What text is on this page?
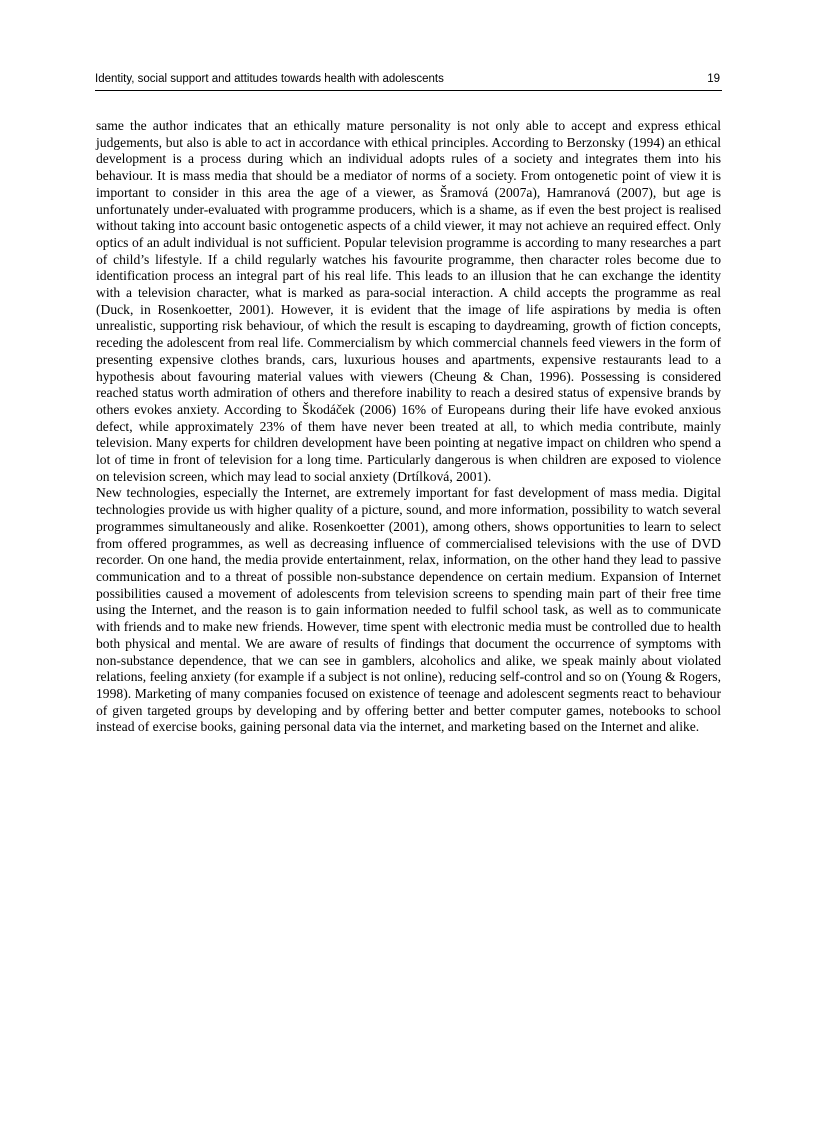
Identity, social support and attitudes towards health with adolescents	19

same the author indicates that an ethically mature personality is not only able to accept and express ethical judgements, but also is able to act in accordance with ethical principles. According to Berzonsky (1994) an ethical development is a process during which an individual adopts rules of a society and integrates them into his behaviour. It is mass media that should be a mediator of norms of a society. From ontogenetic point of view it is important to consider in this area the age of a viewer, as Šramová (2007a), Hamranová (2007), but age is unfortunately under-evaluated with programme producers, which is a shame, as if even the best project is realised without taking into account basic ontogenetic aspects of a child viewer, it may not achieve an required effect. Only optics of an adult individual is not sufficient. Popular television programme is according to many researches a part of child’s lifestyle. If a child regularly watches his favourite programme, then character roles become due to identification process an integral part of his real life. This leads to an illusion that he can exchange the identity with a television character, what is marked as para-social interaction. A child accepts the programme as real (Duck, in Rosenkoetter, 2001). However, it is evident that the image of life aspirations by media is often unrealistic, supporting risk behaviour, of which the result is escaping to daydreaming, growth of fiction concepts, receding the adolescent from real life. Commercialism by which commercial channels feed viewers in the form of presenting expensive clothes brands, cars, luxurious houses and apartments, expensive restaurants lead to a hypothesis about favouring material values with viewers (Cheung & Chan, 1996). Possessing is considered reached status worth admiration of others and therefore inability to reach a desired status of expensive brands by others evokes anxiety. According to Škodáček (2006) 16% of Europeans during their life have evoked anxious defect, while approximately 23% of them have never been treated at all, to which media contribute, mainly television. Many experts for children development have been pointing at negative impact on children who spend a lot of time in front of television for a long time. Particularly dangerous is when children are exposed to violence on television screen, which may lead to social anxiety (Drtílková, 2001).

New technologies, especially the Internet, are extremely important for fast development of mass media. Digital technologies provide us with higher quality of a picture, sound, and more information, possibility to watch several programmes simultaneously and alike. Rosenkoetter (2001), among others, shows opportunities to learn to select from offered programmes, as well as decreasing influence of commercialised televisions with the use of DVD recorder. On one hand, the media provide entertainment, relax, information, on the other hand they lead to passive communication and to a threat of possible non-substance dependence on certain medium. Expansion of Internet possibilities caused a movement of adolescents from television screens to spending main part of their free time using the Internet, and the reason is to gain information needed to fulfil school task, as well as to communicate with friends and to make new friends. However, time spent with electronic media must be controlled due to health both physical and mental. We are aware of results of findings that document the occurrence of symptoms with non-substance dependence, that we can see in gamblers, alcoholics and alike, we speak mainly about violated relations, feeling anxiety (for example if a subject is not online), reducing self-control and so on (Young & Rogers, 1998). Marketing of many companies focused on existence of teenage and adolescent segments react to behaviour of given targeted groups by developing and by offering better and better computer games, notebooks to school instead of exercise books, gaining personal data via the internet, and marketing based on the Internet and alike.
